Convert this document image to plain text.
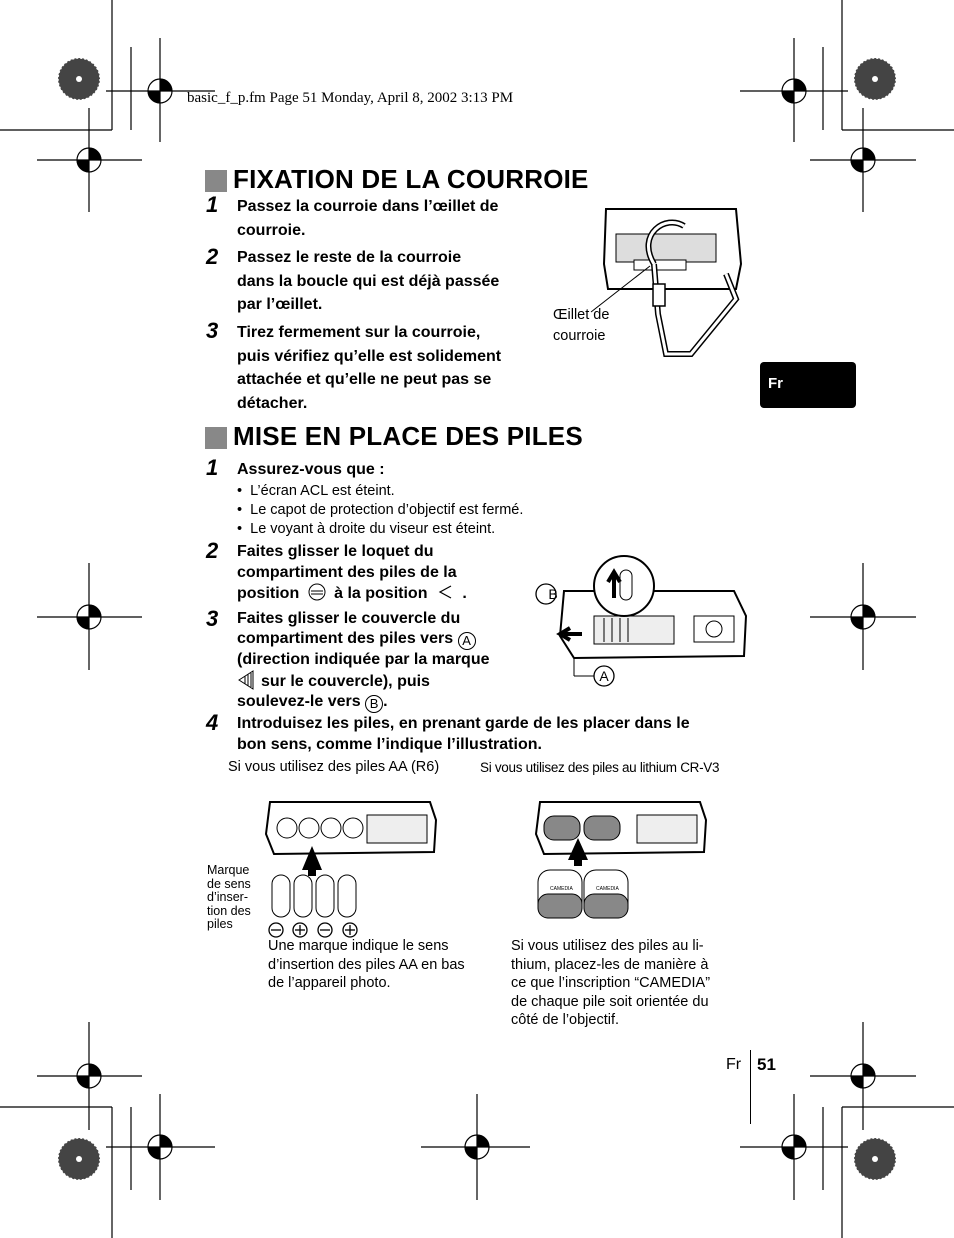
basic_f_p.fm Page 51 Monday, April 8, 2002 3:13 PM
Fr
FIXATION DE LA COURROIE
1 Passez la courroie dans l’œillet de
courroie.
2 Passez le reste de la courroie
dans la boucle qui est déjà passée
par l’œillet.
3 Tirez fermement sur la courroie,
puis vérifiez qu’elle est solidement
attachée et qu’elle ne peut pas se
détacher.
Œillet de
courroie
MISE EN PLACE DES PILES
1 Assurez-vous que :
•  L’écran ACL est éteint.
•  Le capot de protection d’objectif est fermé.
•  Le voyant à droite du viseur est éteint.
2 Faites glisser le loquet du
compartiment des piles de la
position à la position .
3 Faites glisser le couvercle du
compartiment des piles vers A
(direction indiquée par la marque
sur le couvercle), puis
soulevez-le vers B .
B
A
4 Introduisez les piles, en prenant garde de les placer dans le
bon sens, comme l’indique l’illustration.
Si vous utilisez des piles AA (R6)	Si vous utilisez des piles au lithium CR-V3
Marque
de sens
d’inser-
tion des
piles
CAMEDIA	CAMEDIA
Une marque indique le sens
d’insertion des piles AA en bas
de l’appareil photo.
Si vous utilisez des piles au li-
thium, placez-les de manière à
ce que l’inscription “CAMEDIA”
de chaque pile soit orientée du
côté de l’objectif.
Fr 51
